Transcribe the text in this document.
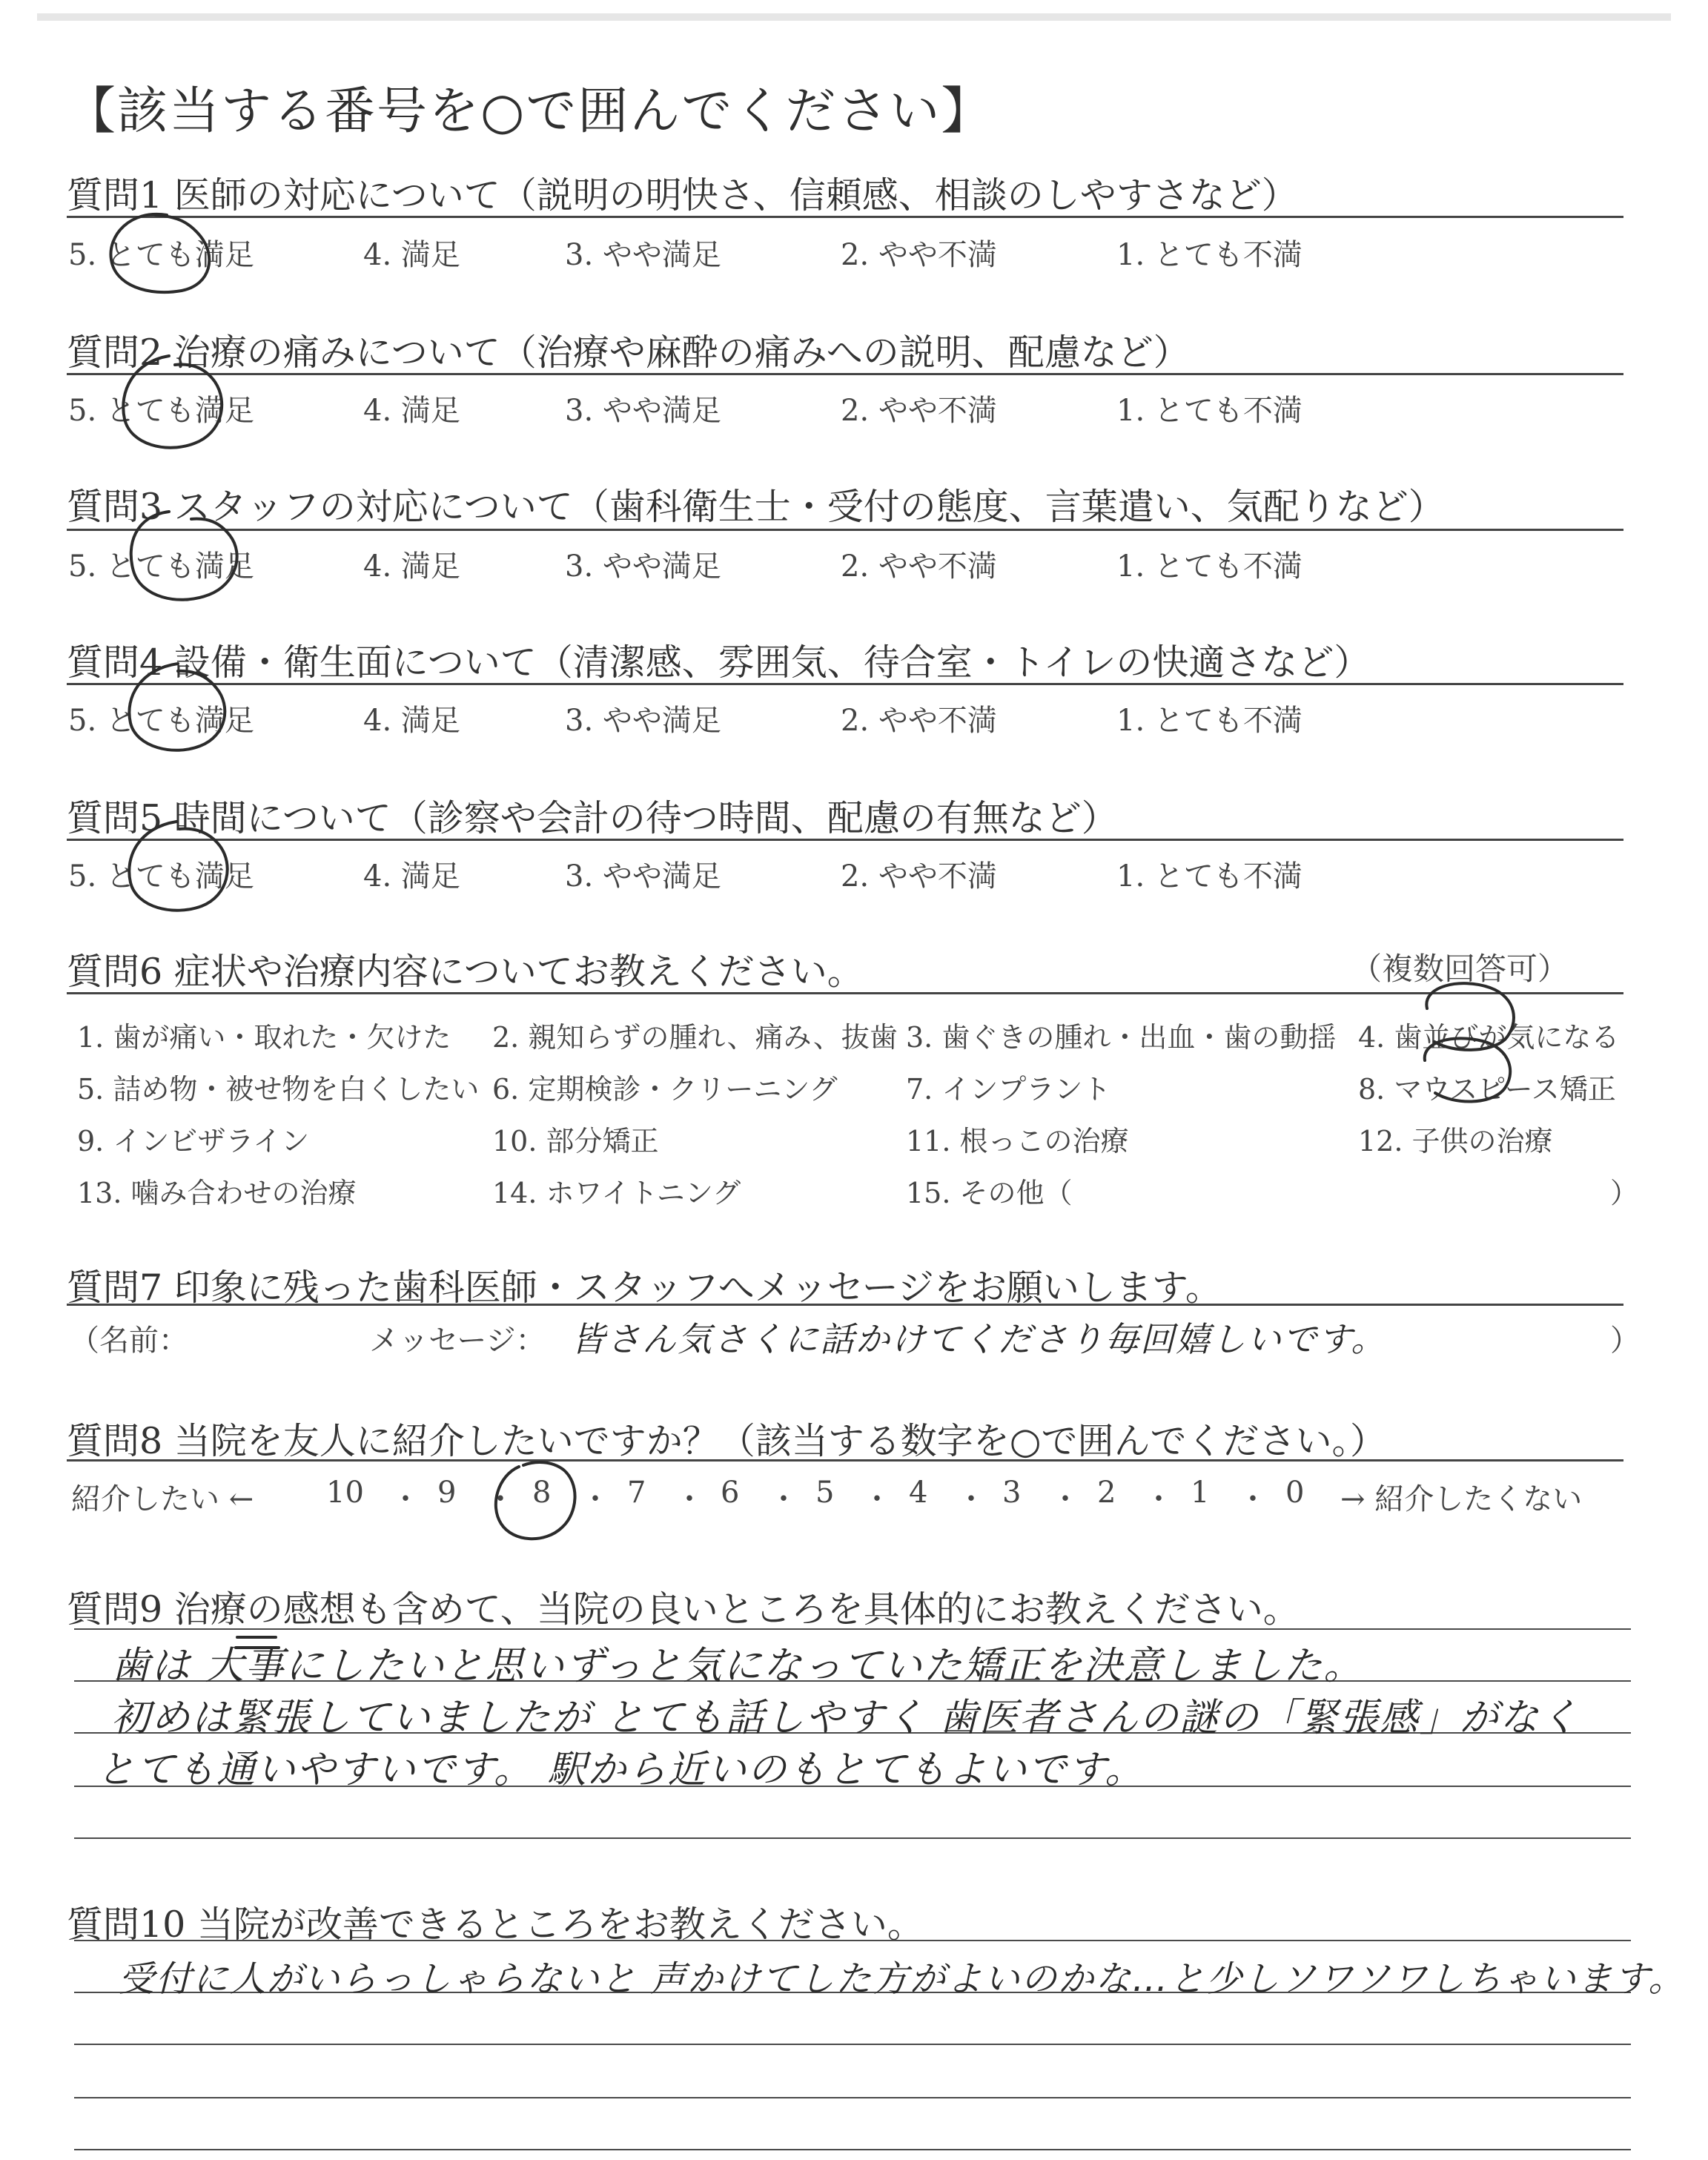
【該当する番号を○で囲んでください】
質問1 医師の対応について（説明の明快さ、信頼感、相談のしやすさなど）
5. とても満足	4. 満足	3. やや満足	2. やや不満	1. とても不満
質問2 治療の痛みについて（治療や麻酔の痛みへの説明、配慮など）
5. とても満足	4. 満足	3. やや満足	2. やや不満	1. とても不満
質問3 スタッフの対応について（歯科衛生士・受付の態度、言葉遣い、気配りなど）
5. とても満足	4. 満足	3. やや満足	2. やや不満	1. とても不満
質問4 設備・衛生面について（清潔感、雰囲気、待合室・トイレの快適さなど）
5. とても満足	4. 満足	3. やや満足	2. やや不満	1. とても不満
質問5 時間について（診察や会計の待つ時間、配慮の有無など）
5. とても満足	4. 満足	3. やや満足	2. やや不満	1. とても不満
質問6 症状や治療内容についてお教えください。	（複数回答可）
1. 歯が痛い・取れた・欠けた 2. 親知らずの腫れ、痛み、抜歯 3. 歯ぐきの腫れ・出血・歯の動揺 4. 歯並びが気になる
5. 詰め物・被せ物を白くしたい 6. 定期検診・クリーニング 7. インプラント	8. マウスピース矯正
9. インビザライン	10. 部分矯正	11. 根っこの治療	12. 子供の治療
13. 噛み合わせの治療	14. ホワイトニング	15. その他（	）
質問7 印象に残った歯科医師・スタッフへメッセージをお願いします。
（名前：	メッセージ： 皆さん気さくに話かけてくださり毎回嬉しいです。	）
質問8 当院を友人に紹介したいですか？（該当する数字を○で囲んでください。）
紹介したい ← 10 ・ 9 ・ 8 ・ 7 ・ 6 ・ 5 ・ 4 ・ 3 ・ 2 ・ 1 ・ 0 → 紹介したくない
質問9 治療の感想も含めて、当院の良いところを具体的にお教えください。
歯は 大事にしたいと思いずっと気になっていた矯正を決意しました。
初めは緊張していましたが とても話しやすく 歯医者さんの謎の「緊張感」がなく
とても通いやすいです。 駅から近いのもとてもよいです。
質問10 当院が改善できるところをお教えください。
受付に人がいらっしゃらないと 声かけてした方がよいのかな…と少しソワソワしちゃいます。
